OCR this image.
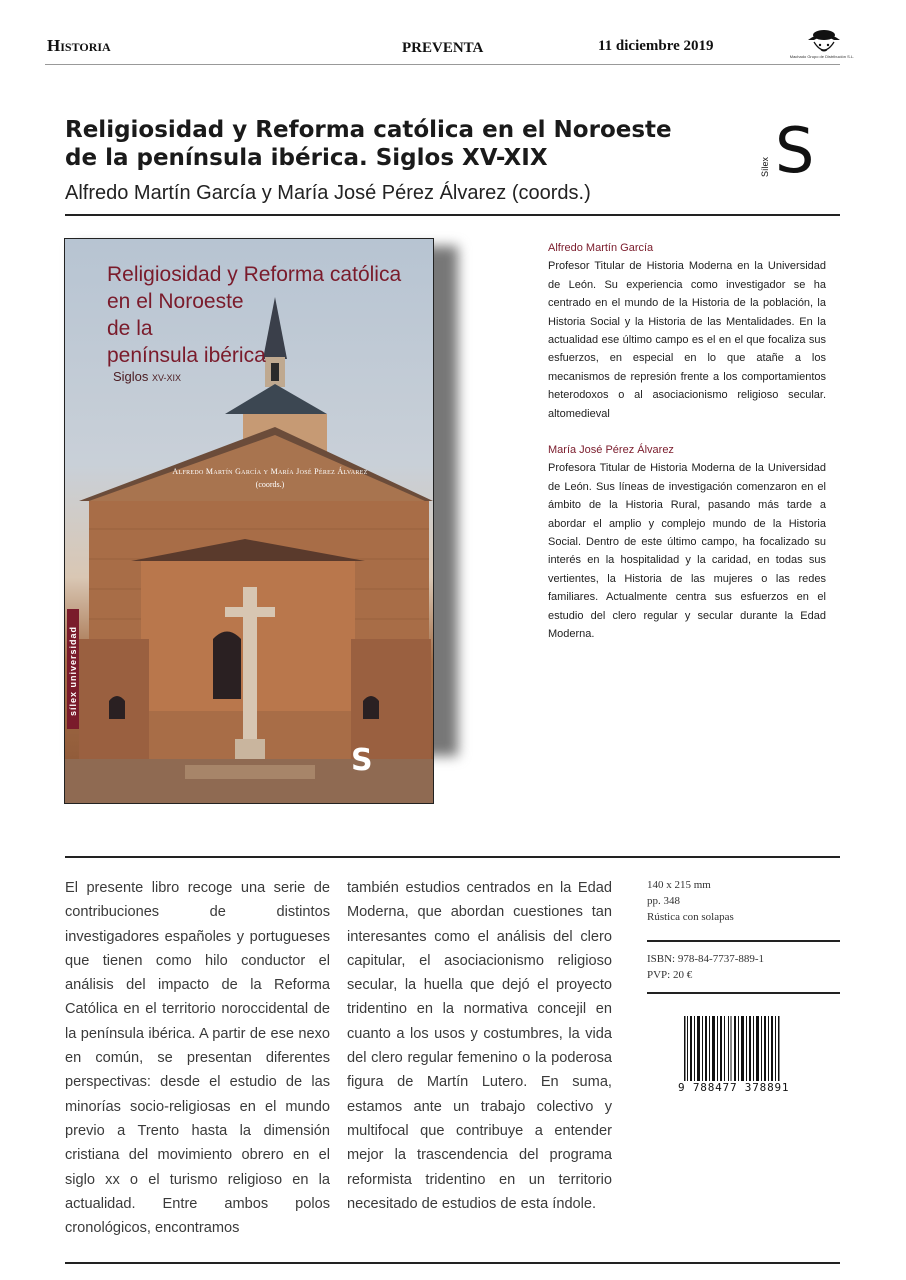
Historia	PREVENTA	11 diciembre 2019
Machado Grupo de Distribución S.L.
Religiosidad y Reforma católica en el Noroeste
de la península ibérica. Siglos XV-XIX
Alfredo Martín García y María José Pérez Álvarez (coords.)
S
Sílex
Religiosidad y Reforma católica
en el Noroeste
de la
península ibérica
Siglos XV-XIX
Alfredo Martín García y María José Pérez Álvarez
(coords.)
sílex universidad
S
Alfredo Martín García
Profesor Titular de Historia Moderna en la Universidad de León. Su experiencia como investigador se ha centrado en el mundo de la Historia de la población, la Historia Social y la Historia de las Mentalidades. En la actualidad ese último campo es el en el que focaliza sus esfuerzos, en especial en lo que atañe a los mecanismos de represión frente a los comportamientos heterodoxos o al asociacionismo religioso secular. altomedieval
María José Pérez Álvarez
Profesora Titular de Historia Moderna de la Universidad de León. Sus líneas de investigación comenzaron en el ámbito de la Historia Rural, pasando más tarde a abordar el amplio y complejo mundo de la Historia Social. Dentro de este último campo, ha focalizado su interés en la hospitalidad y la caridad, en todas sus vertientes, la Historia de las mujeres o las redes familiares. Actualmente centra sus esfuerzos en el estudio del clero regular y secular durante la Edad Moderna.
El presente libro recoge una serie de contribuciones de distintos investigadores españoles y portugueses que tienen como hilo conductor el análisis del impacto de la Reforma Católica en el territorio noroccidental de la península ibérica. A partir de ese nexo en común, se presentan diferentes perspectivas: desde el estudio de las minorías socio-religiosas en el mundo previo a Trento hasta la dimensión cristiana del movimiento obrero en el siglo xx o el turismo religioso en la actualidad. Entre ambos polos cronológicos, encontramos
también estudios centrados en la Edad Moderna, que abordan cuestiones tan interesantes como el análisis del clero capitular, el asociacionismo religioso secular, la huella que dejó el proyecto tridentino en la normativa concejil en cuanto a los usos y costumbres, la vida del clero regular femenino o la poderosa figura de Martín Lutero. En suma, estamos ante un trabajo colectivo y multifocal que contribuye a entender mejor la trascendencia del programa reformista tridentino en un territorio necesitado de estudios de esta índole.
140 x 215 mm
pp. 348
Rústica con solapas
ISBN: 978-84-7737-889-1
PVP: 20 €
9 788477 378891
